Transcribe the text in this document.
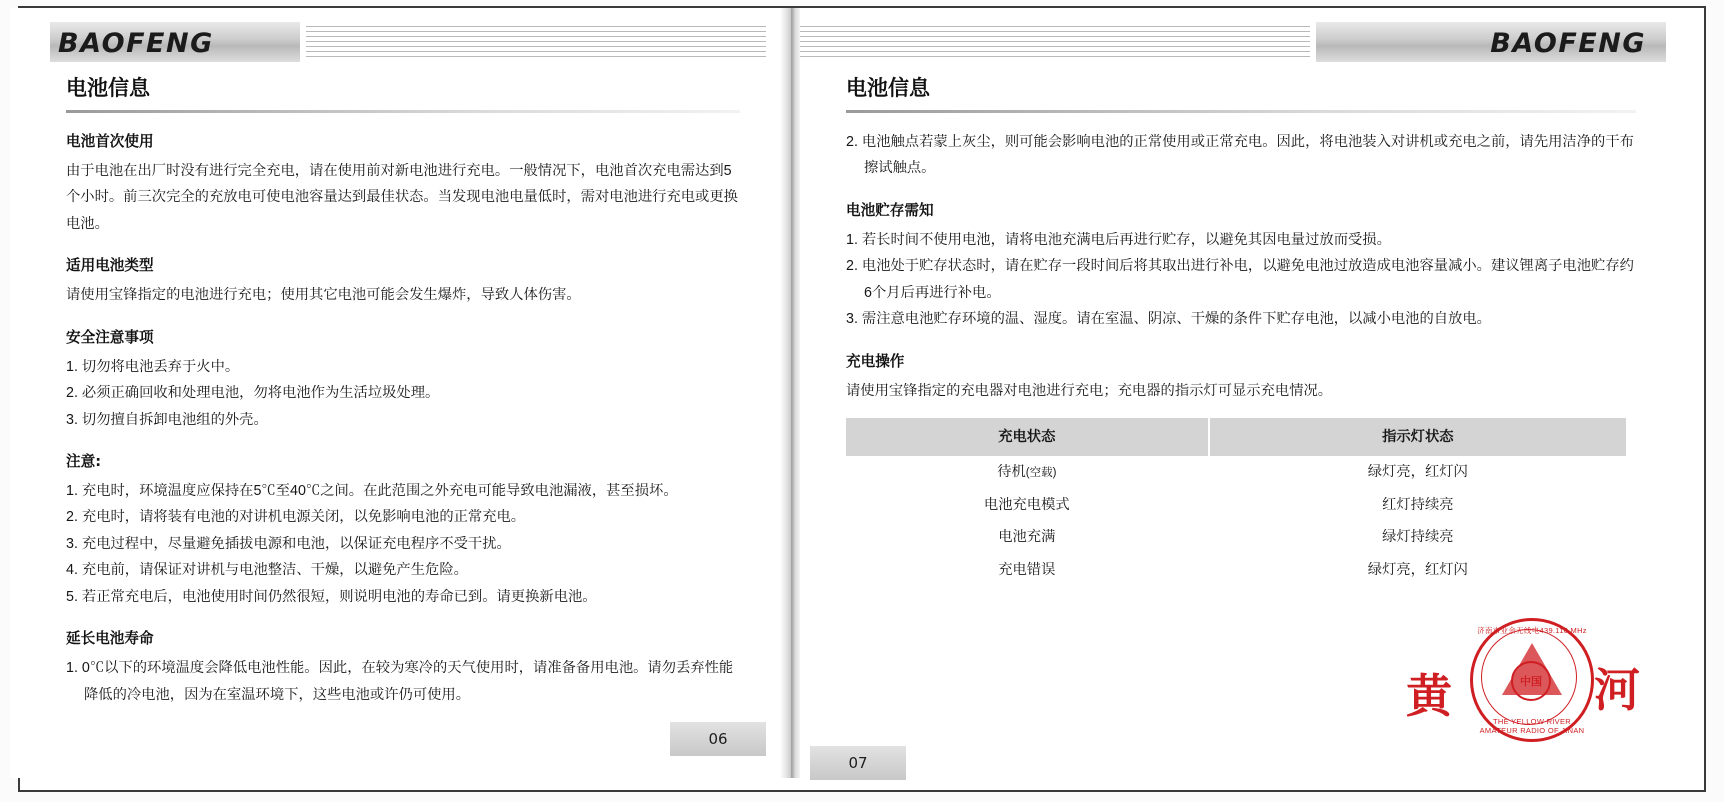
BAOFENG
电池信息
电池首次使用

由于电池在出厂时没有进行完全充电，请在使用前对新电池进行充电。一般情况下，电池首次充电需达到5个小时。前三次完全的充放电可使电池容量达到最佳状态。当发现电池电量低时，需对电池进行充电或更换电池。

适用电池类型

请使用宝锋指定的电池进行充电；使用其它电池可能会发生爆炸，导致人体伤害。

安全注意事项

1. 切勿将电池丢弃于火中。

2. 必须正确回收和处理电池，勿将电池作为生活垃圾处理。

3. 切勿擅自拆卸电池组的外壳。

注意:

1. 充电时，环境温度应保持在5℃至40℃之间。在此范围之外充电可能导致电池漏液，甚至损坏。

2. 充电时，请将装有电池的对讲机电源关闭，以免影响电池的正常充电。

3. 充电过程中，尽量避免插拔电源和电池，以保证充电程序不受干扰。

4. 充电前，请保证对讲机与电池整洁、干燥，以避免产生危险。

5. 若正常充电后，电池使用时间仍然很短，则说明电池的寿命已到。请更换新电池。

延长电池寿命

1. 0℃以下的环境温度会降低电池性能。因此，在较为寒冷的天气使用时，请准备备用电池。请勿丢弃性能降低的冷电池，因为在室温环境下，这些电池或许仍可使用。

06
BAOFENG
电池信息

2. 电池触点若蒙上灰尘，则可能会影响电池的正常使用或正常充电。因此，将电池装入对讲机或充电之前，请先用洁净的干布擦试触点。

电池贮存需知

1. 若长时间不使用电池，请将电池充满电后再进行贮存，以避免其因电量过放而受损。

2. 电池处于贮存状态时，请在贮存一段时间后将其取出进行补电，以避免电池过放造成电池容量减小。建议锂离子电池贮存约6个月后再进行补电。

3. 需注意电池贮存环境的温、湿度。请在室温、阴凉、干燥的条件下贮存电池，以减小电池的自放电。

充电操作

请使用宝锋指定的充电器对电池进行充电；充电器的指示灯可显示充电情况。

充电状态	指示灯状态
待机(空载)	绿灯亮，红灯闪
电池充电模式	红灯持续亮
电池充满	绿灯持续亮
充电错误	绿灯亮，红灯闪
黄	河
济南市业余无线电439.110 MHz
中国
THE YELLOW RIVER AMATEUR RADIO OF JINAN
07
